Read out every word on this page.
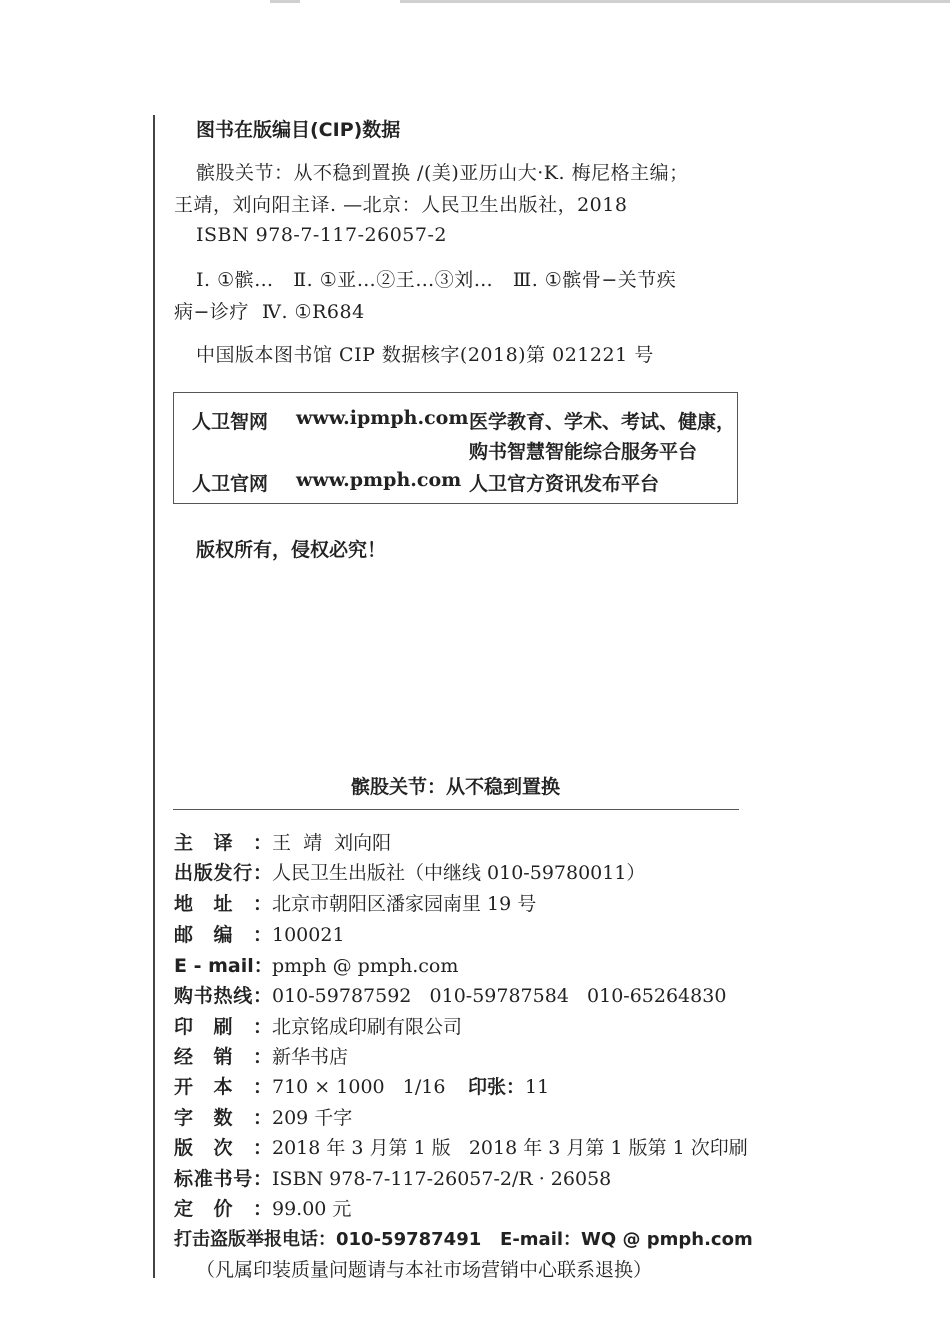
图书在版编目(CIP)数据
髌股关节：从不稳到置换 /(美)亚历山大·K. 梅尼格主编；
王靖，刘向阳主译. —北京：人民卫生出版社，2018
ISBN 978-7-117-26057-2
Ⅰ. ①髌…   Ⅱ. ①亚…②王…③刘…   Ⅲ. ①髌骨−关节疾
病−诊疗  Ⅳ. ①R684
中国版本图书馆 CIP 数据核字(2018)第 021221 号
人卫智网 www.ipmph.com 医学教育、学术、考试、健康，
购书智慧智能综合服务平台
人卫官网 www.pmph.com 人卫官方资讯发布平台
版权所有，侵权必究！
髌股关节：从不稳到置换
主译：王  靖  刘向阳
出版发行：人民卫生出版社（中继线 010-59780011）
地址：北京市朝阳区潘家园南里 19 号
邮编：100021
E - mail：pmph @ pmph.com
购书热线：010-59787592   010-59787584   010-65264830
印刷：北京铭成印刷有限公司
经销：新华书店
开本：710 × 1000   1/16 印张：11
字数：209 千字
版次：2018 年 3 月第 1 版   2018 年 3 月第 1 版第 1 次印刷
标准书号：ISBN 978-7-117-26057-2/R · 26058
定价：99.00 元
打击盗版举报电话：010-59787491   E-mail：WQ @ pmph.com
（凡属印装质量问题请与本社市场营销中心联系退换）
